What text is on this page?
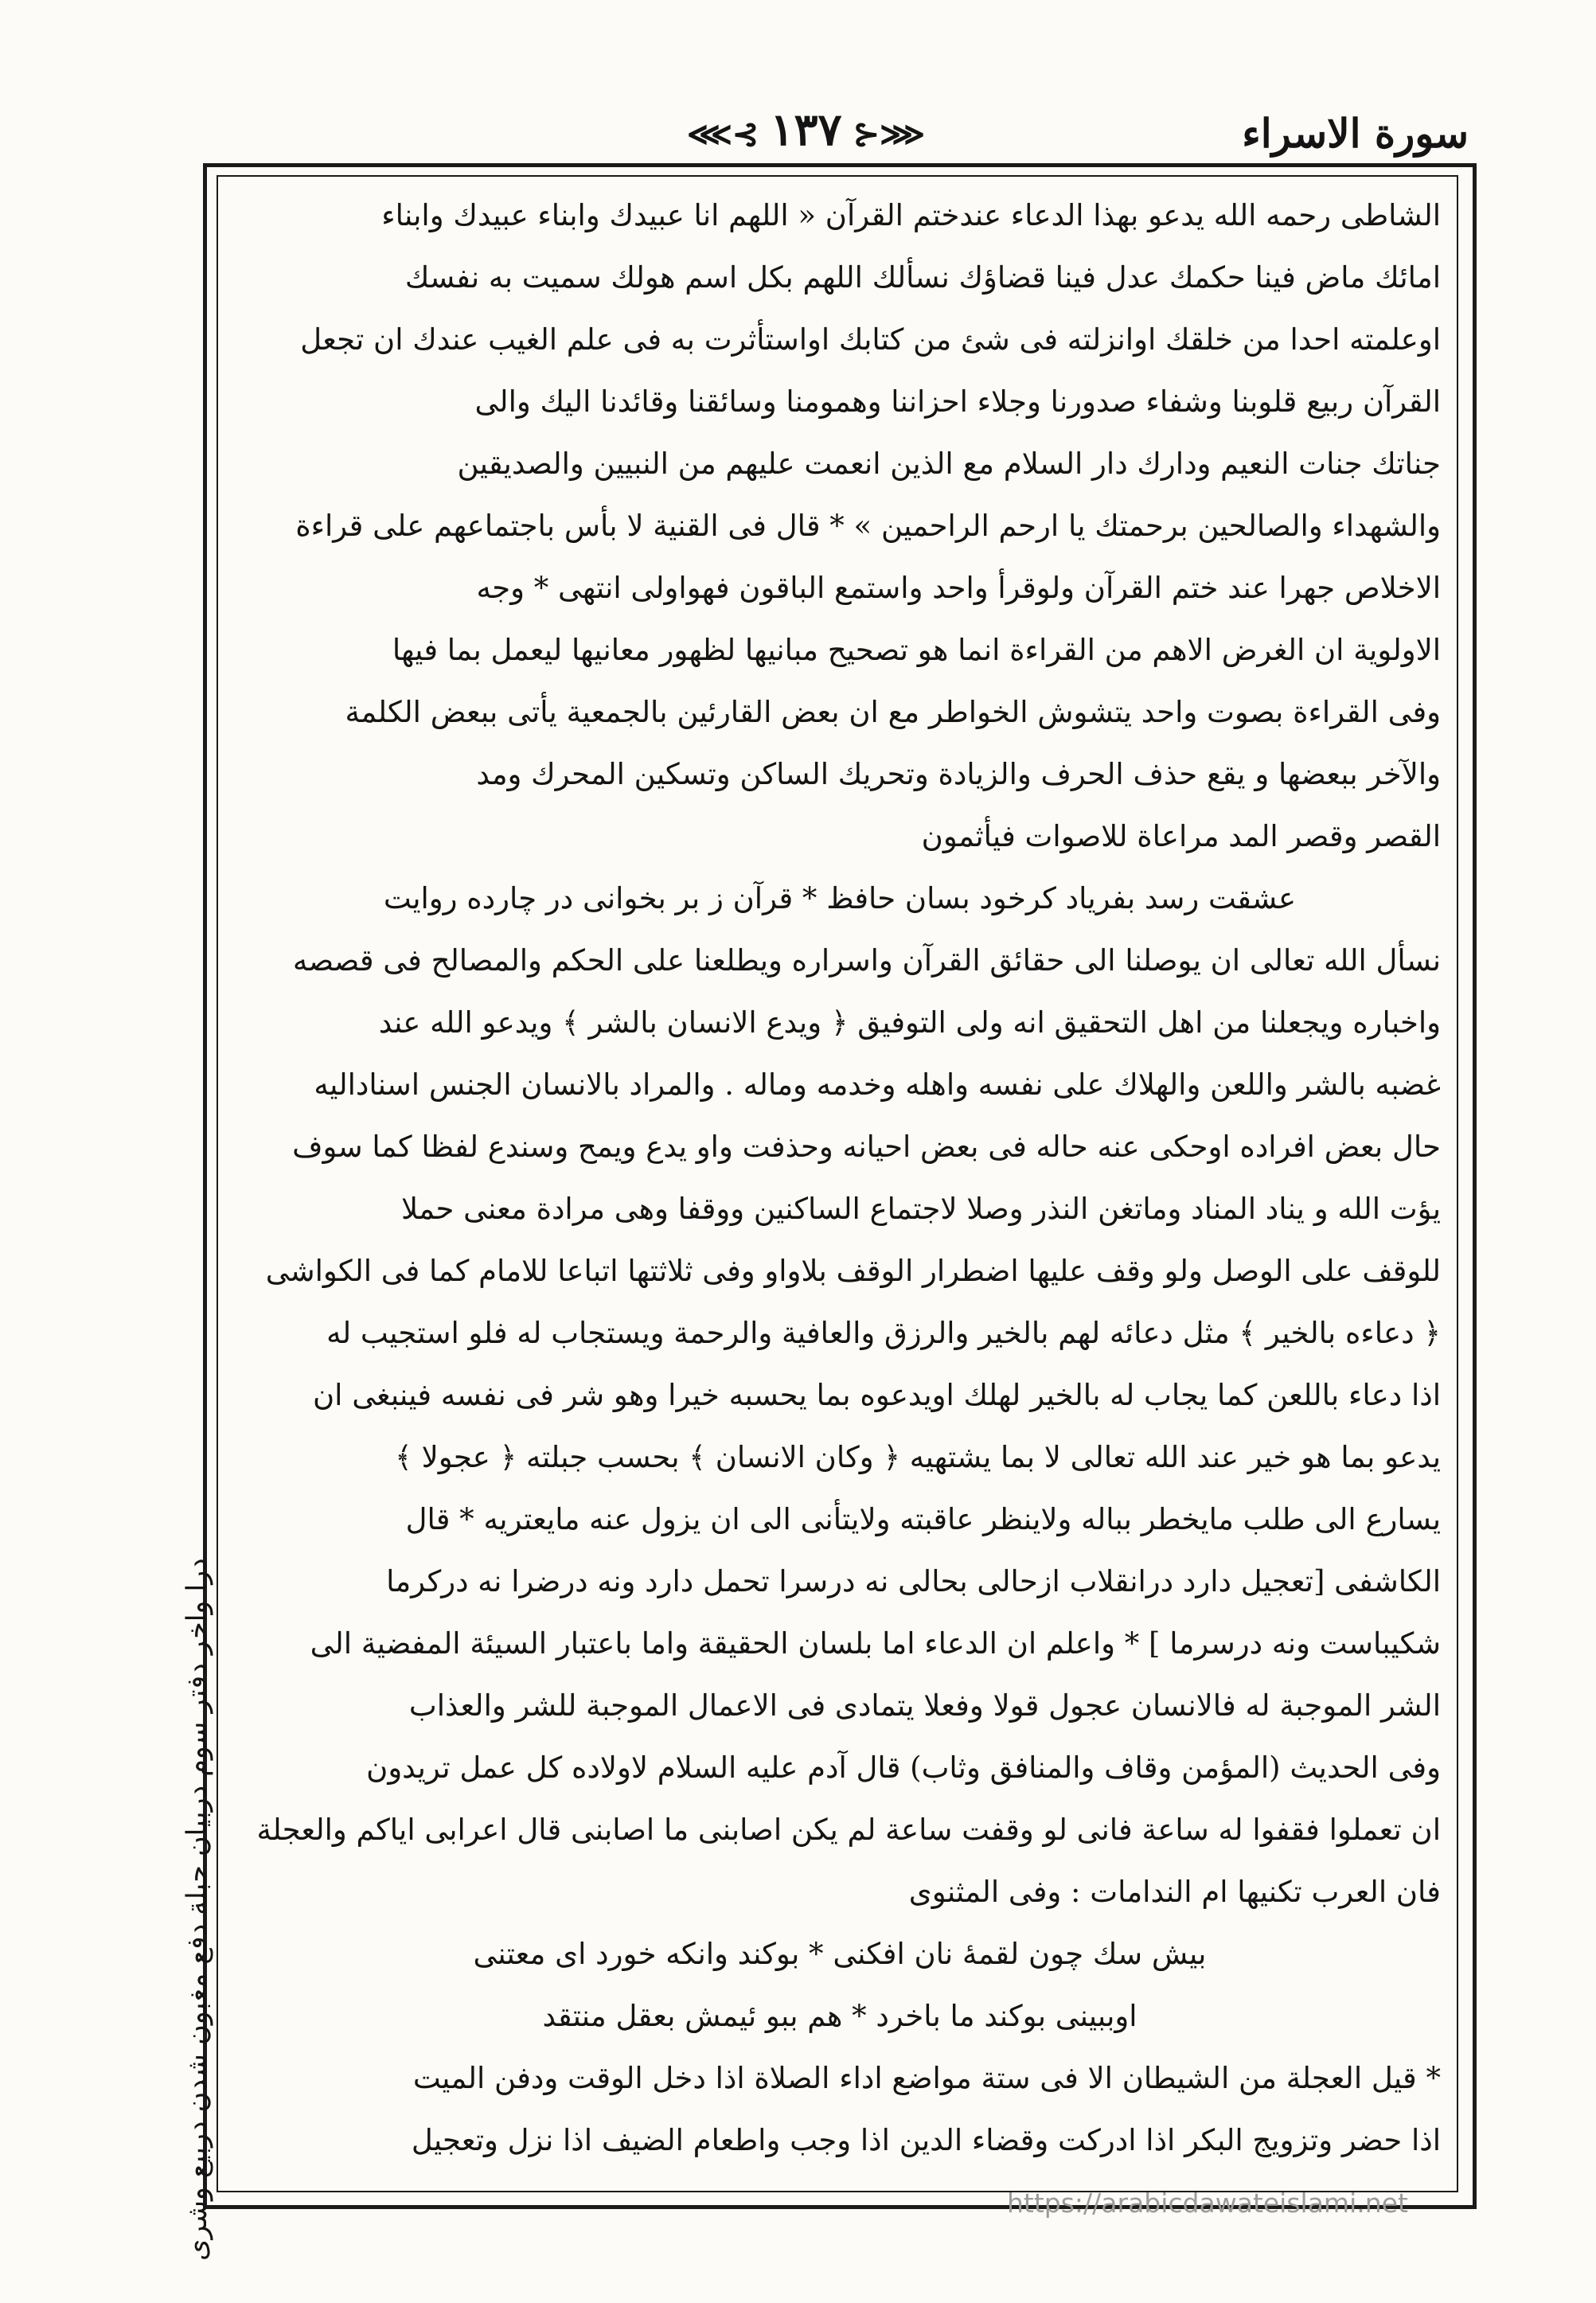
سورة الاسراء
⋘⊰١٣٧⊱⋙
الشاطى رحمه الله يدعو بهذا الدعاء عندختم القرآن « اللهم انا عبيدك وابناء عبيدك وابناء
امائك ماض فينا حكمك عدل فينا قضاؤك نسألك اللهم بكل اسم هولك سميت به نفسك
اوعلمته احدا من خلقك اوانزلته فى شئ من كتابك اواستأثرت به فى علم الغيب عندك ان تجعل
القرآن ربيع قلوبنا وشفاء صدورنا وجلاء احزاننا وهمومنا وسائقنا وقائدنا اليك والى
جناتك جنات النعيم ودارك دار السلام مع الذين انعمت عليهم من النبيين والصديقين
والشهداء والصالحين برحمتك يا ارحم الراحمين » * قال فى القنية لا بأس باجتماعهم على قراءة
الاخلاص جهرا عند ختم القرآن ولوقرأ واحد واستمع الباقون فهواولى انتهى * وجه
الاولوية ان الغرض الاهم من القراءة انما هو تصحيح مبانيها لظهور معانيها ليعمل بما فيها
وفى القراءة بصوت واحد يتشوش الخواطر مع ان بعض القارئين بالجمعية يأتى ببعض الكلمة
والآخر ببعضها و يقع حذف الحرف والزيادة وتحريك الساكن وتسكين المحرك ومد
القصر وقصر المد مراعاة للاصوات فيأثمون
عشقت رسد بفرياد كرخود بسان حافظ * قرآن ز بر بخوانى در چارده روايت
نسأل الله تعالى ان يوصلنا الى حقائق القرآن واسراره ويطلعنا على الحكم والمصالح فى قصصه
واخباره ويجعلنا من اهل التحقيق انه ولى التوفيق ﴿ ويدع الانسان بالشر ﴾ ويدعو الله عند
غضبه بالشر واللعن والهلاك على نفسه واهله وخدمه وماله . والمراد بالانسان الجنس اسناداليه
حال بعض افراده اوحكى عنه حاله فى بعض احيانه وحذفت واو يدع ويمح وسندع لفظا كما سوف
يؤت الله و يناد المناد وماتغن النذر وصلا لاجتماع الساكنين ووقفا وهى مرادة معنى حملا
للوقف على الوصل ولو وقف عليها اضطرار الوقف بلاواو وفى ثلاثتها اتباعا للامام كما فى الكواشى
﴿ دعاءه بالخير ﴾ مثل دعائه لهم بالخير والرزق والعافية والرحمة ويستجاب له فلو استجيب له
اذا دعاء باللعن كما يجاب له بالخير لهلك اويدعوه بما يحسبه خيرا وهو شر فى نفسه فينبغى ان
يدعو بما هو خير عند الله تعالى لا بما يشتهيه ﴿ وكان الانسان ﴾ بحسب جبلته ﴿ عجولا ﴾
يسارع الى طلب مايخطر بباله ولاينظر عاقبته ولايتأنى الى ان يزول عنه مايعتريه * قال
الكاشفى [تعجيل دارد درانقلاب ازحالى بحالى نه درسرا تحمل دارد ونه درضرا نه دركرما
شكيباست ونه درسرما ] * واعلم ان الدعاء اما بلسان الحقيقة واما باعتبار السيئة المفضية الى
الشر الموجبة له فالانسان عجول قولا وفعلا يتمادى فى الاعمال الموجبة للشر والعذاب
وفى الحديث (المؤمن وقاف والمنافق وثاب) قال آدم عليه السلام لاولاده كل عمل تريدون
ان تعملوا فقفوا له ساعة فانى لو وقفت ساعة لم يكن اصابنى ما اصابنى قال اعرابى اياكم والعجلة
فان العرب تكنيها ام الندامات : وفى المثنوى
بيش سك چون لقمهٔ نان افكنى * بوكند وانكه خورد اى معتنى
اوببينى بوكند ما باخرد * هم ببو ئيمش بعقل منتقد
* قيل العجلة من الشيطان الا فى ستة مواضع اداء الصلاة اذا دخل الوقت ودفن الميت
اذا حضر وتزويج البكر اذا ادركت وقضاء الدين اذا وجب واطعام الضيف اذا نزل وتعجيل
درا واخر دفتر سوم دربيان حبلة دفع مغبون شدن دربيع وشرى	https://arabicdawateislami.net
